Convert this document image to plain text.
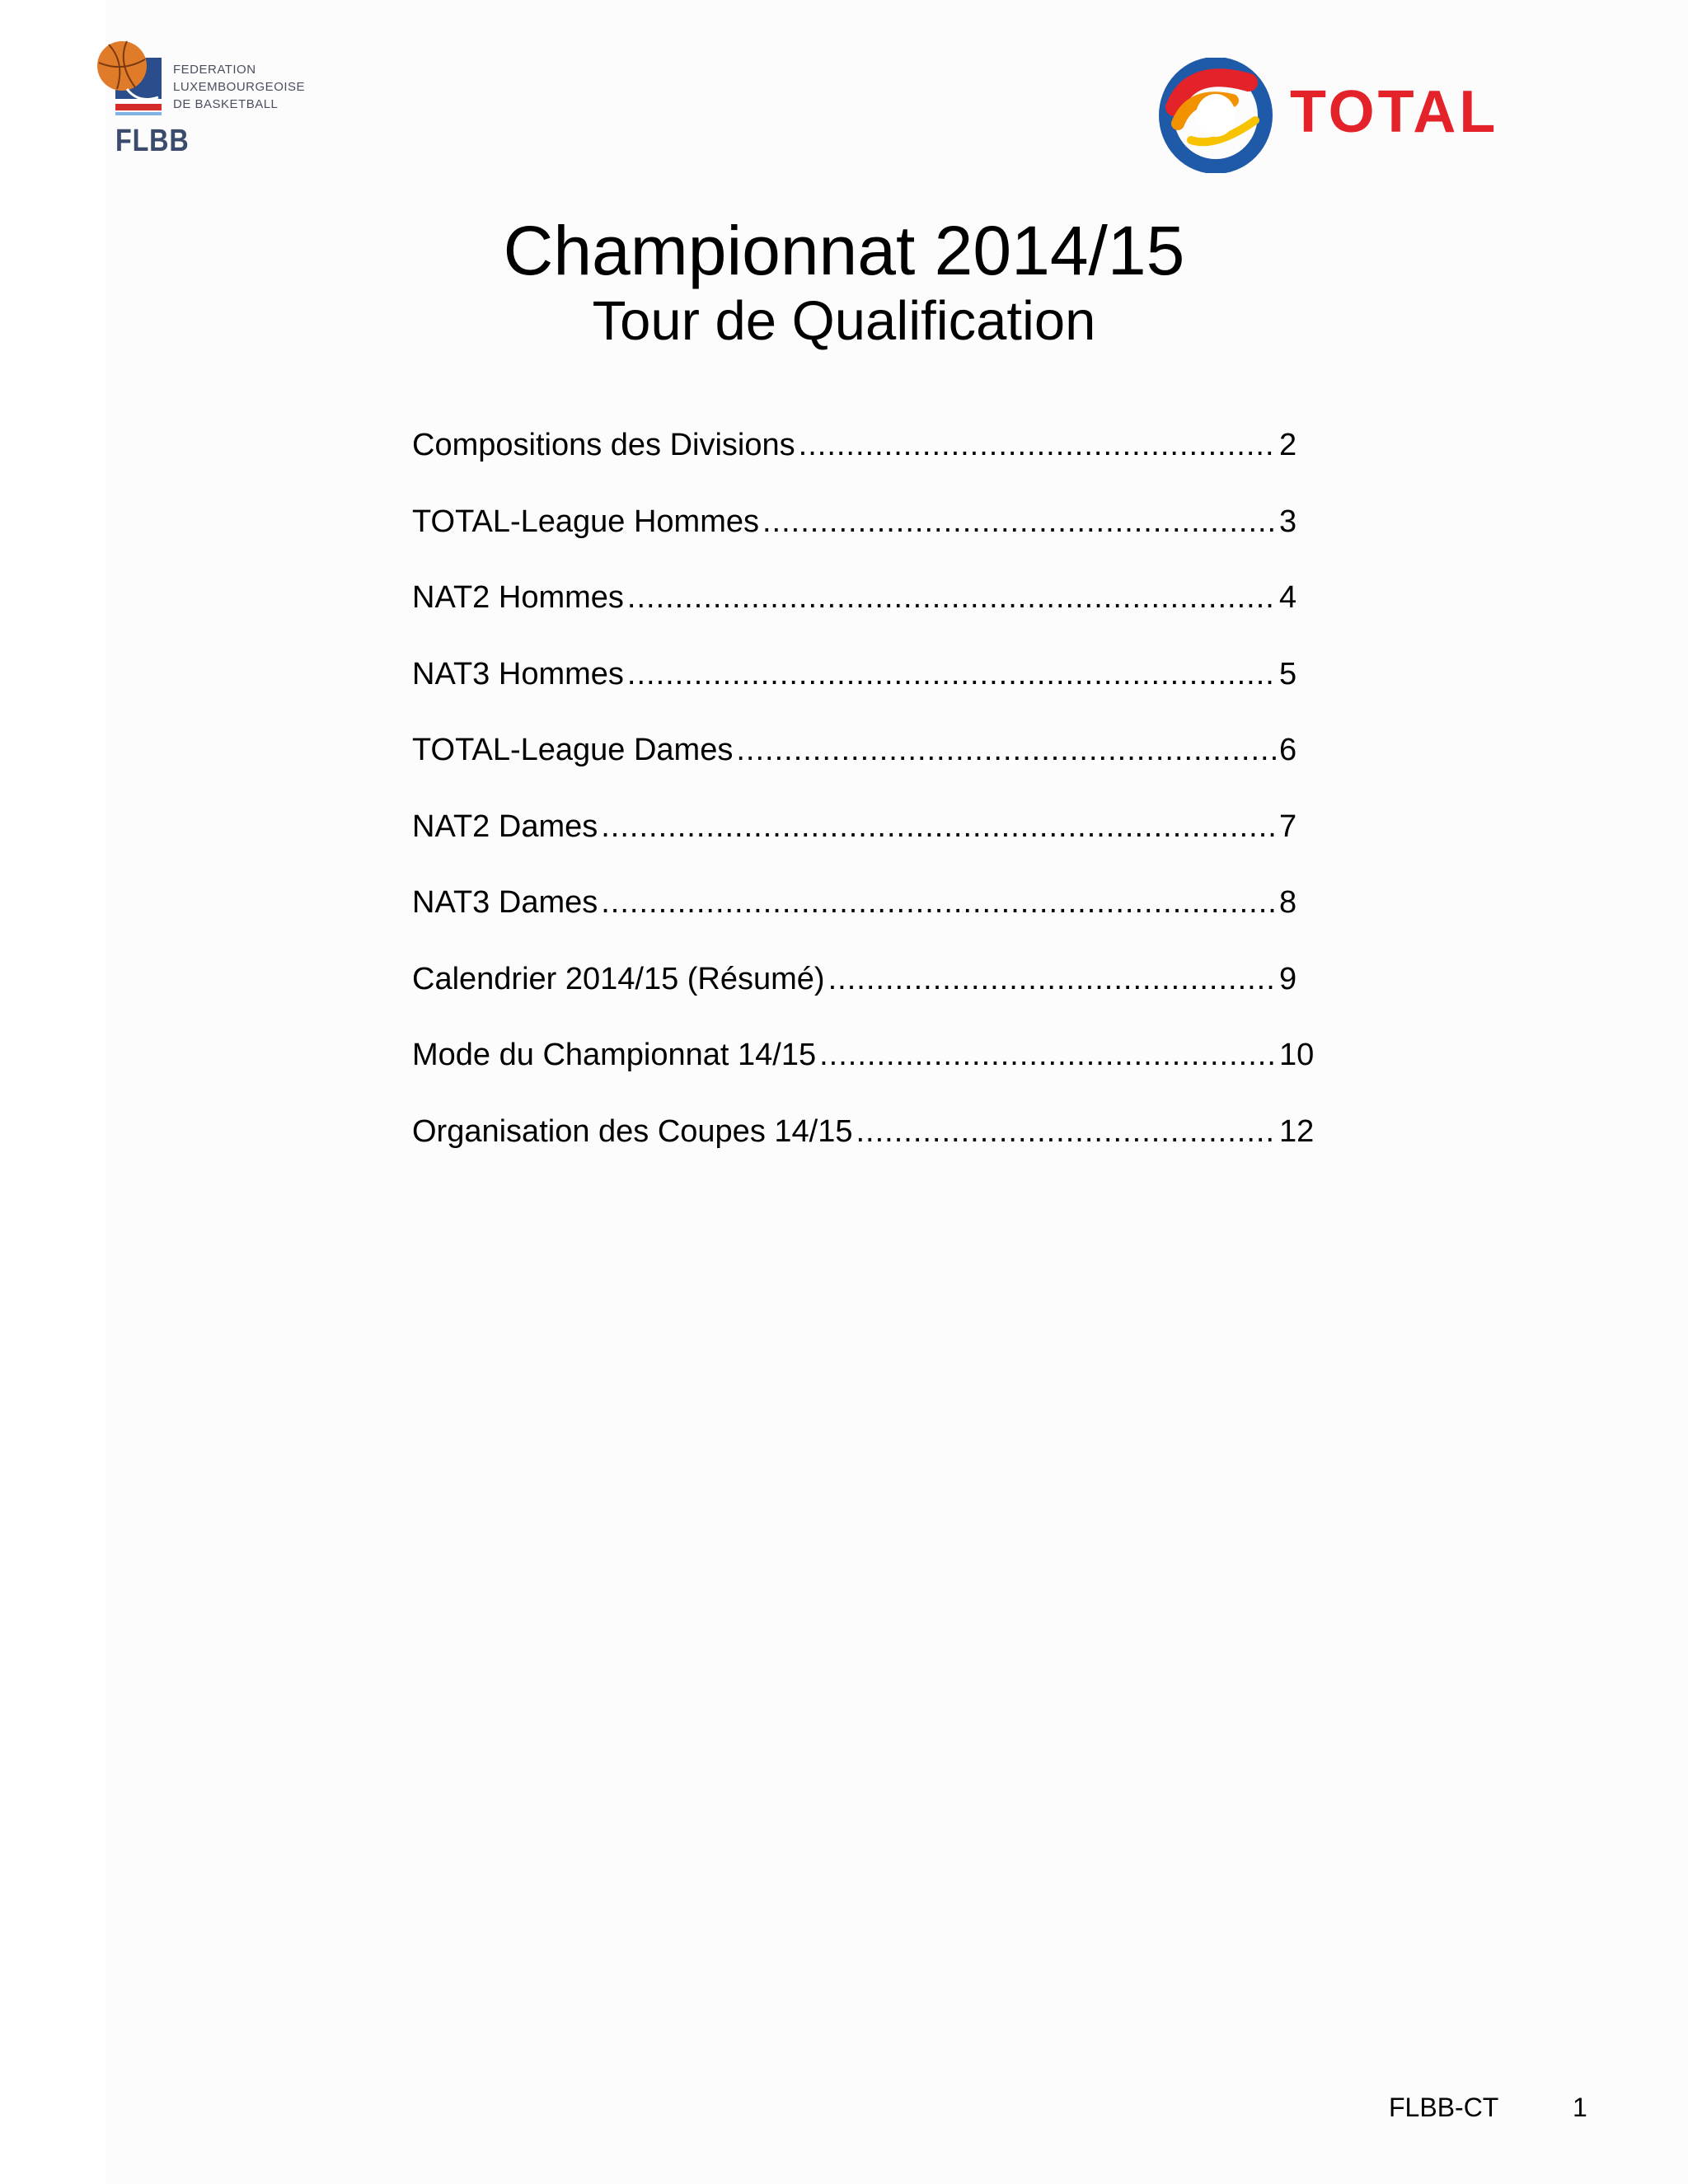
FEDERATION
LUXEMBOURGEOISE
DE BASKETBALL
FLBB	TOTAL
Championnat 2014/15
Tour de Qualification
Compositions des Divisions .....	2
TOTAL-League Hommes .....	3
NAT2 Hommes .....	4
NAT3 Hommes .....	5
TOTAL-League Dames .....	6
NAT2 Dames .....	7
NAT3 Dames .....	8
Calendrier 2014/15 (Résumé) .....	9
Mode du Championnat 14/15 .....	10
Organisation des Coupes 14/15 .....	12
FLBB-CT	1
